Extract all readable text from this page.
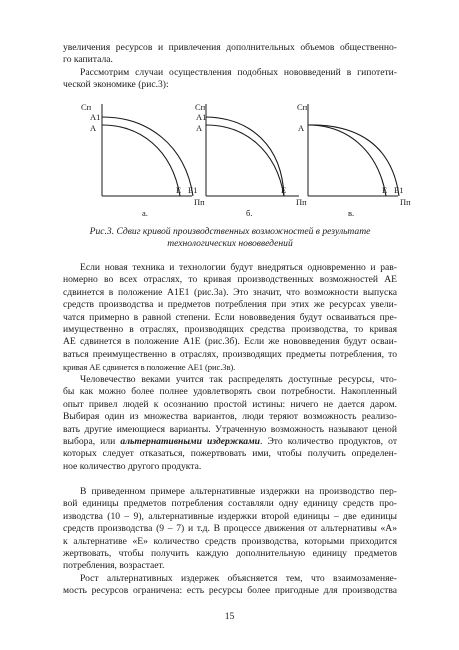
увеличения ресурсов и привлечения дополнительных объемов общественно-
го капитала.

Рассмотрим случаи осуществления подобных нововведений в гипотети-
ческой экономике (рис.3):

Сп
A1
A
E E1
Пп
а.
Сп
A1
A
E
Пп
б.
Сп
A
E E1
Пп
в.
Рис.3. Сдвиг кривой производственных возможностей в результате
технологических нововведений

Если новая техника и технологии будут внедряться одновременно и рав-
номерно во всех отраслях, то кривая производственных возможностей АЕ
сдвинется в положение А1Е1 (рис.3а). Это значит, что возможности выпуска
средств производства и предметов потребления при этих же ресурсах увели-
чатся примерно в равной степени. Если нововведения будут осваиваться пре-
имущественно в отраслях, производящих средства производства, то кривая
АЕ сдвинется в положение А1Е (рис.3б). Если же нововведения будут осваи-
ваться преимущественно в отраслях, производящих предметы потребления, то
кривая АЕ сдвинется в положение АЕ1 (рис.3в).

Человечество веками учится так распределять доступные ресурсы, что-
бы как можно более полнее удовлетворять свои потребности. Накопленный
опыт привел людей к осознанию простой истины: ничего не дается даром.
Выбирая один из множества вариантов, люди теряют возможность реализо-
вать другие имеющиеся варианты. Утраченную возможность называют ценой
выбора, или альтернативными издержками. Это количество продуктов, от
которых следует отказаться, пожертвовать ими, чтобы получить определен-
ное количество другого продукта.

В приведенном примере альтернативные издержки на производство пер-
вой единицы предметов потребления составляли одну единицу средств про-
изводства (10 – 9), альтернативные издержки второй единицы – две единицы
средств производства (9 – 7) и т.д. В процессе движения от альтернативы «А»
к альтернативе «Е» количество средств производства, которыми приходится
жертвовать, чтобы получить каждую дополнительную единицу предметов
потребления, возрастает.

Рост альтернативных издержек объясняется тем, что взаимозаменяе-
мость ресурсов ограничена: есть ресурсы более пригодные для производства

15
